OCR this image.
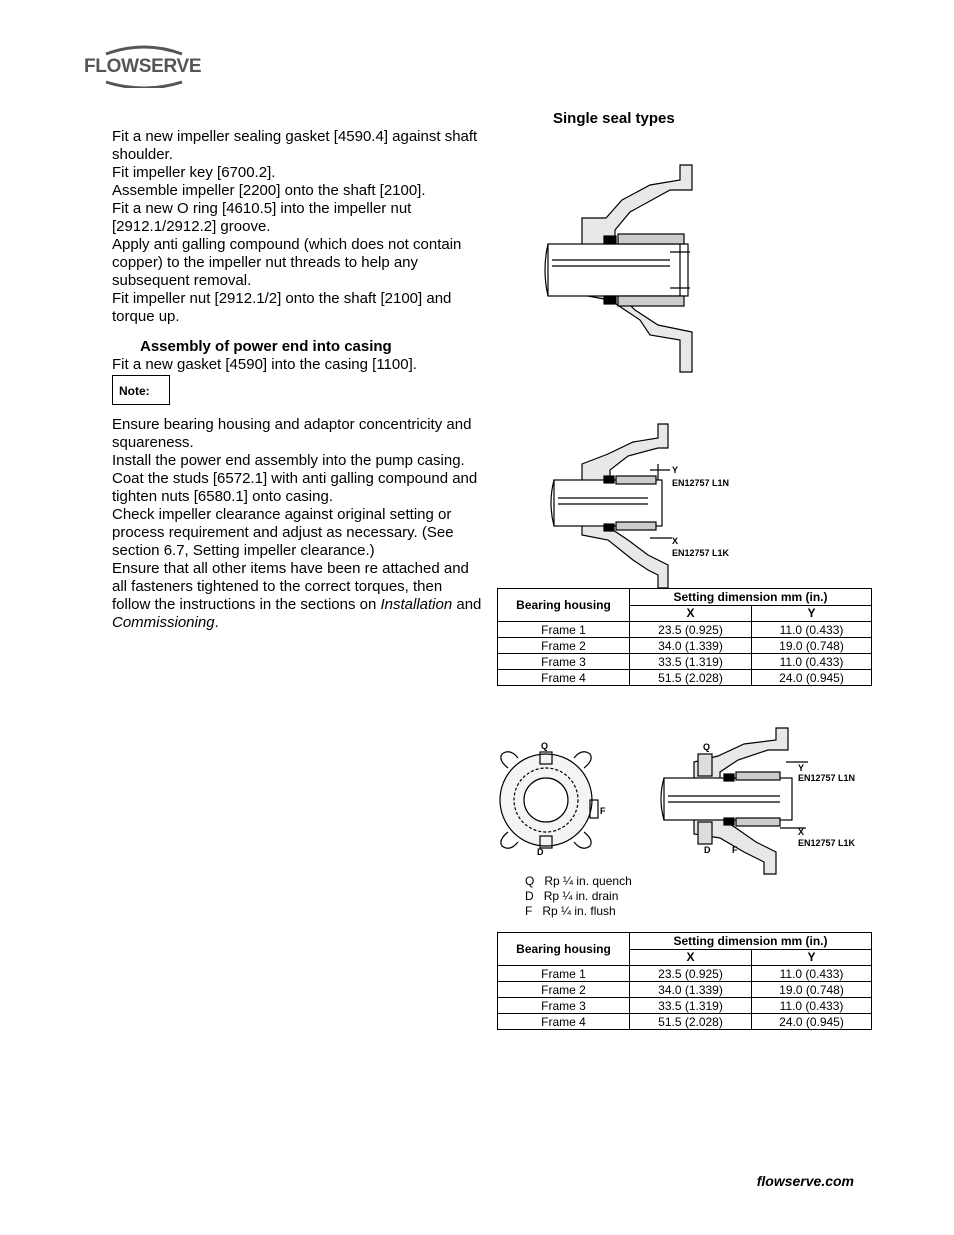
FLOWSERVE

Fit a new impeller sealing gasket [4590.4] against shaft shoulder.

Fit impeller key [6700.2].

Assemble impeller [2200] onto the shaft [2100].

Fit a new O ring [4610.5] into the impeller nut [2912.1/2912.2] groove.

Apply anti galling compound (which does not contain copper) to the impeller nut threads to help any subsequent removal.

Fit impeller nut [2912.1/2] onto the shaft [2100] and torque up.

Assembly of power end into casing

Fit a new gasket [4590] into the casing [1100].

Note:

Ensure bearing housing and adaptor concentricity and squareness.

Install the power end assembly into the pump casing. Coat the studs [6572.1] with anti galling compound and tighten nuts [6580.1] onto casing.

Check impeller clearance against original setting or process requirement and adjust as necessary. (See section 6.7, Setting impeller clearance.)

Ensure that all other items have been re attached and all fasteners tightened to the correct torques, then follow the instructions in the sections on Installation and Commissioning.

Single seal types
Y
EN12757 L1N
X
EN12757 L1K
Bearing housing	Setting dimension mm (in.)	
	X	Y
Frame 1	23.5 (0.925)	11.0 (0.433)
Frame 2	34.0 (1.339)	19.0 (0.748)
Frame 3	33.5 (1.319)	11.0 (0.433)
Frame 4	51.5 (2.028)	24.0 (0.945)
Q
D
F
Q
D F
Y
EN12757 L1N
X
EN12757 L1K
Q Rp ¼ in. quench
D Rp ¼ in. drain
F Rp ¼ in. flush
Bearing housing	Setting dimension mm (in.)	
	X	Y
Frame 1	23.5 (0.925)	11.0 (0.433)
Frame 2	34.0 (1.339)	19.0 (0.748)
Frame 3	33.5 (1.319)	11.0 (0.433)
Frame 4	51.5 (2.028)	24.0 (0.945)
flowserve.com
